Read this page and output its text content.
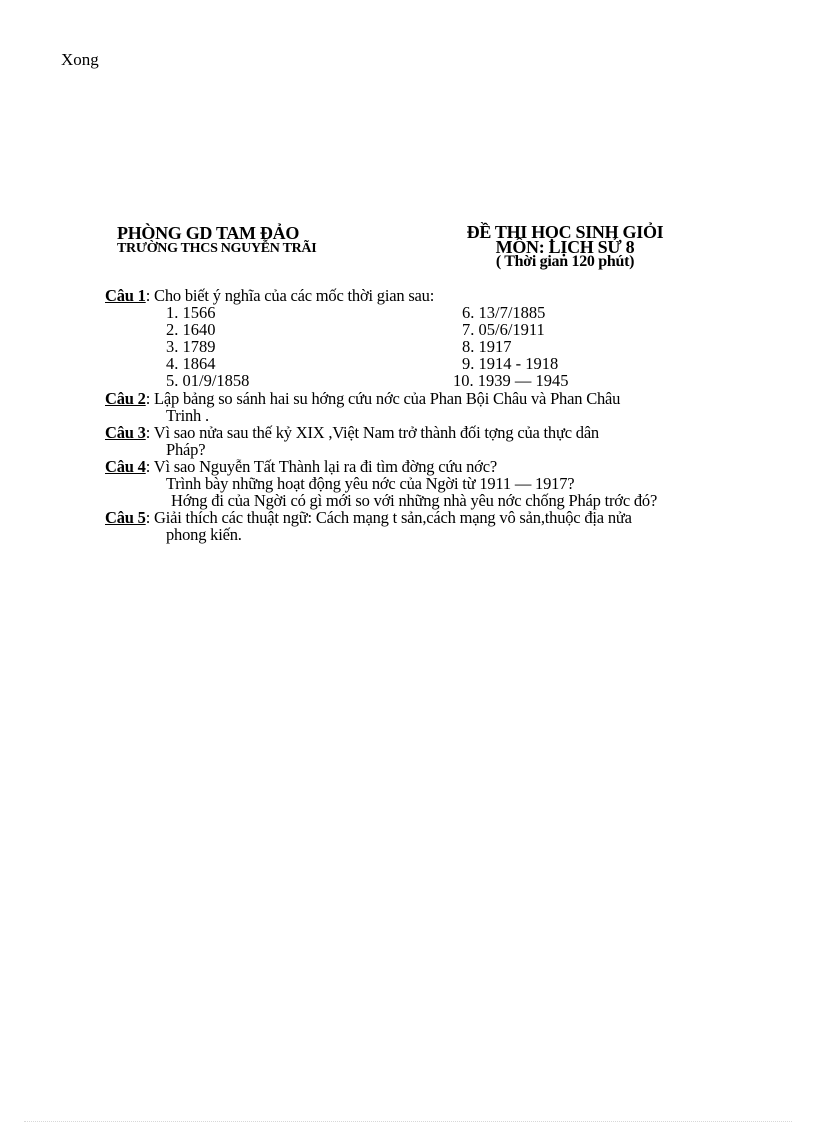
Xong
PHÒNG GD TAM ĐẢO
TRƯỜNG THCS NGUYỄN TRÃI
ĐỀ THI HỌC SINH GIỎI
MÔN: LỊCH SỬ 8
( Thời gian 120 phút)
Câu 1: Cho biết ý nghĩa của các mốc thời gian sau:
1. 1566
2. 1640
3. 1789
4. 1864
5. 01/9/1858
6. 13/7/1885
7. 05/6/1911
8. 1917
9. 1914 - 1918
10. 1939 — 1945
Câu 2: Lập bảng so sánh hai su hớng cứu nớc của Phan Bội Châu và Phan Châu
Trinh .
Câu 3: Vì sao nửa sau thế kỷ XIX ,Việt Nam trở thành đối tợng của thực dân
Pháp?
Câu 4: Vì sao Nguyễn Tất Thành lại ra đi tìm đờng cứu nớc?
Trình bày những hoạt động yêu nớc của Ngời từ 1911 — 1917?
Hớng đi của Ngời có gì mới so với những nhà yêu nớc chống Pháp trớc đó?
Câu 5: Giải thích các thuật ngữ: Cách mạng t sản,cách mạng vô sản,thuộc địa nửa
phong kiến.
